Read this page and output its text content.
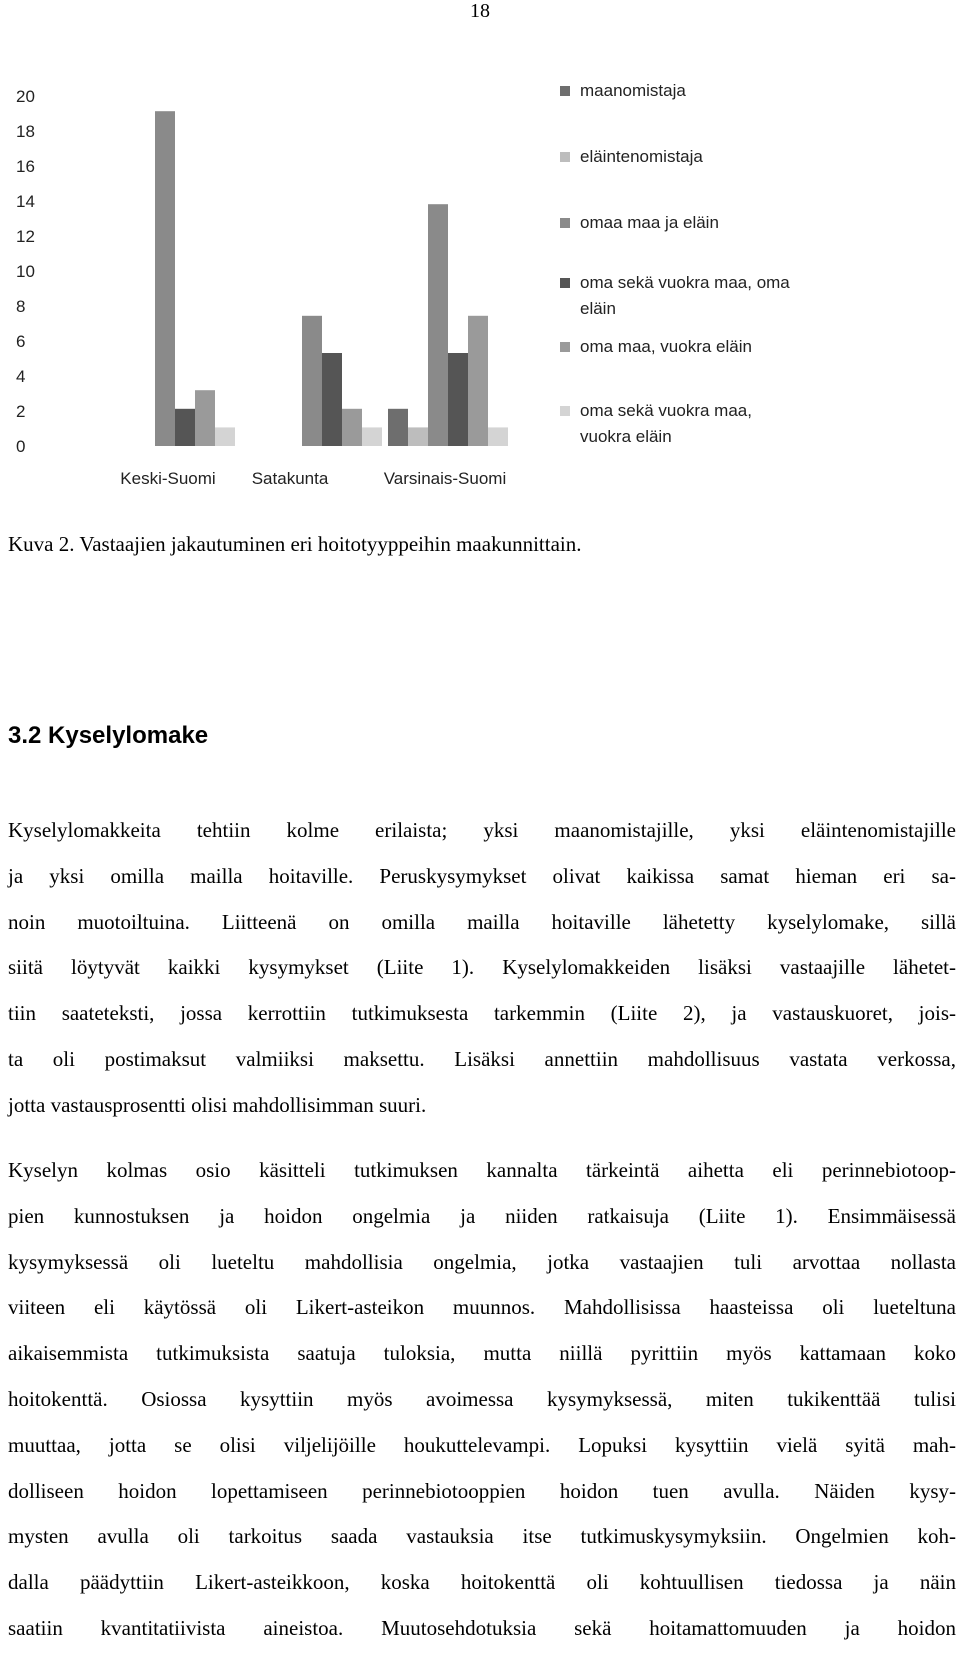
18
0
2
4
6
8
10
12
14
16
18
20
Keski-Suomi Satakunta	Varsinais-Suomi
maanomistaja
eläintenomistaja
omaa maa ja eläin
oma sekä vuokra maa, oma
eläin
oma maa, vuokra eläin
oma sekä vuokra maa,
vuokra eläin
Kuva 2. Vastaajien jakautuminen eri hoitotyyppeihin maakunnittain.
3.2 Kyselylomake

Kyselylomakkeita tehtiin kolme erilaista; yksi maanomistajille, yksi eläintenomistajille
ja yksi omilla mailla hoitaville. Peruskysymykset olivat kaikissa samat hieman eri sa-
noin muotoiltuina. Liitteenä on omilla mailla hoitaville lähetetty kyselylomake, sillä
siitä löytyvät kaikki kysymykset (Liite 1). Kyselylomakkeiden lisäksi vastaajille lähetet-
tiin saateteksti, jossa kerrottiin tutkimuksesta tarkemmin (Liite 2), ja vastauskuoret, jois-
ta oli postimaksut valmiiksi maksettu. Lisäksi annettiin mahdollisuus vastata verkossa,
jotta vastausprosentti olisi mahdollisimman suuri.

Kyselyn kolmas osio käsitteli tutkimuksen kannalta tärkeintä aihetta eli perinnebiotoop-
pien kunnostuksen ja hoidon ongelmia ja niiden ratkaisuja (Liite 1). Ensimmäisessä
kysymyksessä oli lueteltu mahdollisia ongelmia, jotka vastaajien tuli arvottaa nollasta
viiteen eli käytössä oli Likert-asteikon muunnos. Mahdollisissa haasteissa oli lueteltuna
aikaisemmista tutkimuksista saatuja tuloksia, mutta niillä pyrittiin myös kattamaan koko
hoitokenttä. Osiossa kysyttiin myös avoimessa kysymyksessä, miten tukikenttää tulisi
muuttaa, jotta se olisi viljelijöille houkuttelevampi. Lopuksi kysyttiin vielä syitä mah-
dolliseen hoidon lopettamiseen perinnebiotooppien hoidon tuen avulla. Näiden kysy-
mysten avulla oli tarkoitus saada vastauksia itse tutkimuskysymyksiin. Ongelmien koh-
dalla päädyttiin Likert-asteikkoon, koska hoitokenttä oli kohtuullisen tiedossa ja näin
saatiin kvantitatiivista aineistoa. Muutosehdotuksia sekä hoitamattomuuden ja hoidon
